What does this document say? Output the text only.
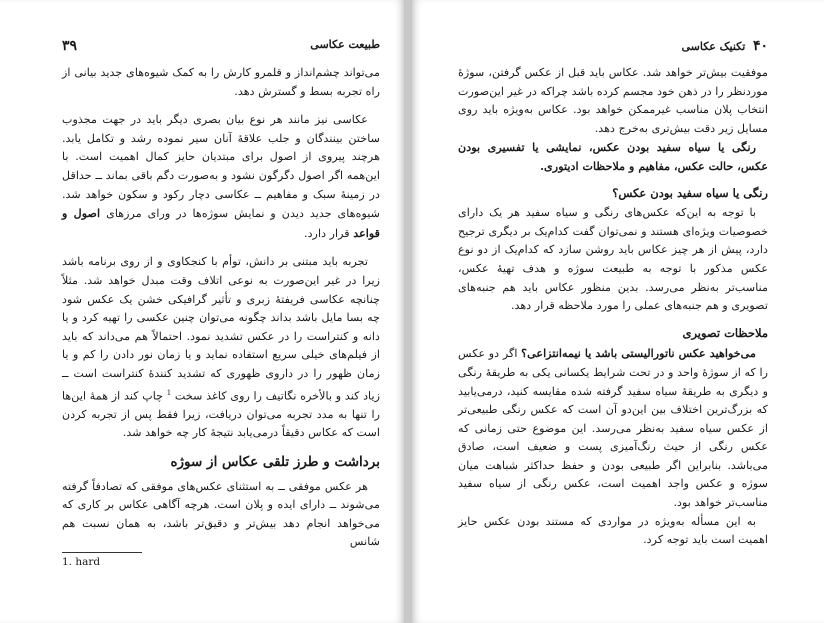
طبیعت عکاسی
۳۹

می‌تواند چشم‌انداز و قلمرو کارش را به کمک شیوه‌های جدید بیانی از راه تجربه بسط و گسترش دهد.

عکاسی نیز مانند هر نوع بیان بصری دیگر باید در جهت مجذوب ساختن بینندگان و جلب علاقهٔ آنان سیر نموده رشد و تکامل یابد. هرچند پیروی از اصول برای مبتدیان حایز کمال اهمیت است. با این‌همه اگر اصول دگرگون نشود و به‌صورت دگم باقی بماند ــ حداقل در زمینهٔ سبک و مفاهیم ــ عکاسی دچار رکود و سکون خواهد شد. شیوه‌های جدید دیدن و نمایش سوژه‌ها در ورای مرزهای اصول و قواعد قرار دارد.

تجربه باید مبتنی بر دانش، توأم با کنجکاوی و از روی برنامه باشد زیرا در غیر این‌صورت به نوعی اتلاف وقت مبدل خواهد شد. مثلاً چنانچه عکاسی فریفتهٔ زبری و تأثیر گرافیکی خشن یک عکس شود چه بسا مایل باشد بداند چگونه می‌توان چنین عکسی را تهیه کرد و یا دانه و کنتراست را در عکس تشدید نمود. احتمالاً هم می‌داند که باید از فیلم‌های خیلی سریع استفاده نماید و یا زمان نور دادن را کم و یا زمان ظهور را در داروی ظهوری که تشدید کنندهٔ کنتراست است ــ زیاد کند و بالأخره نگاتیف را روی کاغذ سخت $^1$ چاپ کند از همهٔ این‌ها را تنها به مدد تجربه می‌توان دریافت، زیرا فقط پس از تجربه کردن است که عکاس دقیقاً درمی‌یابد نتیجهٔ کار چه خواهد شد.

برداشت و طرز تلقی عکاس از سوژه

هر عکس موفقی ــ به استثنای عکس‌های موفقی که تصادفاً گرفته می‌شوند ــ دارای ایده و پلان است. هرچه آگاهی عکاس بر کاری که می‌خواهد انجام دهد بیش‌تر و دقیق‌تر باشد، به همان نسبت هم شانس

1. hard
۴۰  تکنیک عکاسی

موفقیت بیش‌تر خواهد شد. عکاس باید قبل از عکس گرفتن، سوژهٔ موردنظر را در ذهن خود مجسم کرده باشد چراکه در غیر این‌صورت انتخاب پلان مناسب غیرممکن خواهد بود. عکاس به‌ویژه باید روی مسایل زیر دقت بیش‌تری به‌خرج دهد.

رنگی یا سیاه سفید بودن عکس، نمایشی یا تفسیری بودن عکس، حالت عکس، مفاهیم و ملاحظات ادیتوری.

رنگی یا سیاه سفید بودن عکس؟

با توجه به این‌که عکس‌های رنگی و سیاه سفید هر یک دارای خصوصیات ویژه‌ای هستند و نمی‌توان گفت کدام‌یک بر دیگری ترجیح دارد، پیش از هر چیز عکاس باید روشن سازد که کدام‌یک از دو نوع عکس مذکور با توجه به طبیعت سوژه و هدف تهیهٔ عکس، مناسب‌تر به‌نظر می‌رسد. بدین منظور عکاس باید هم جنبه‌های تصویری و هم جنبه‌های عملی را مورد ملاحظه قرار دهد.

ملاحظات تصویری

می‌خواهید عکس ناتورالیستی باشد یا نیمه‌انتزاعی؟ اگر دو عکس را که از سوژهٔ واحد و در تحت شرایط یکسانی یکی به طریقهٔ رنگی و دیگری به طریقهٔ سیاه سفید گرفته شده مقایسه کنید، درمی‌یابید که بزرگ‌ترین اختلاف بین این‌دو آن است که عکس رنگی طبیعی‌تر از عکس سیاه سفید به‌نظر می‌رسد. این موضوع حتی زمانی که عکس رنگی از حیث رنگ‌آمیزی پست و ضعیف است، صادق می‌باشد. بنابراین اگر طبیعی بودن و حفظ حداکثر شباهت میان سوژه و عکس واجد اهمیت است، عکس رنگی از سیاه سفید مناسب‌تر خواهد بود.

به این مسأله به‌ویژه در مواردی که مستند بودن عکس حایز اهمیت است باید توجه کرد.
